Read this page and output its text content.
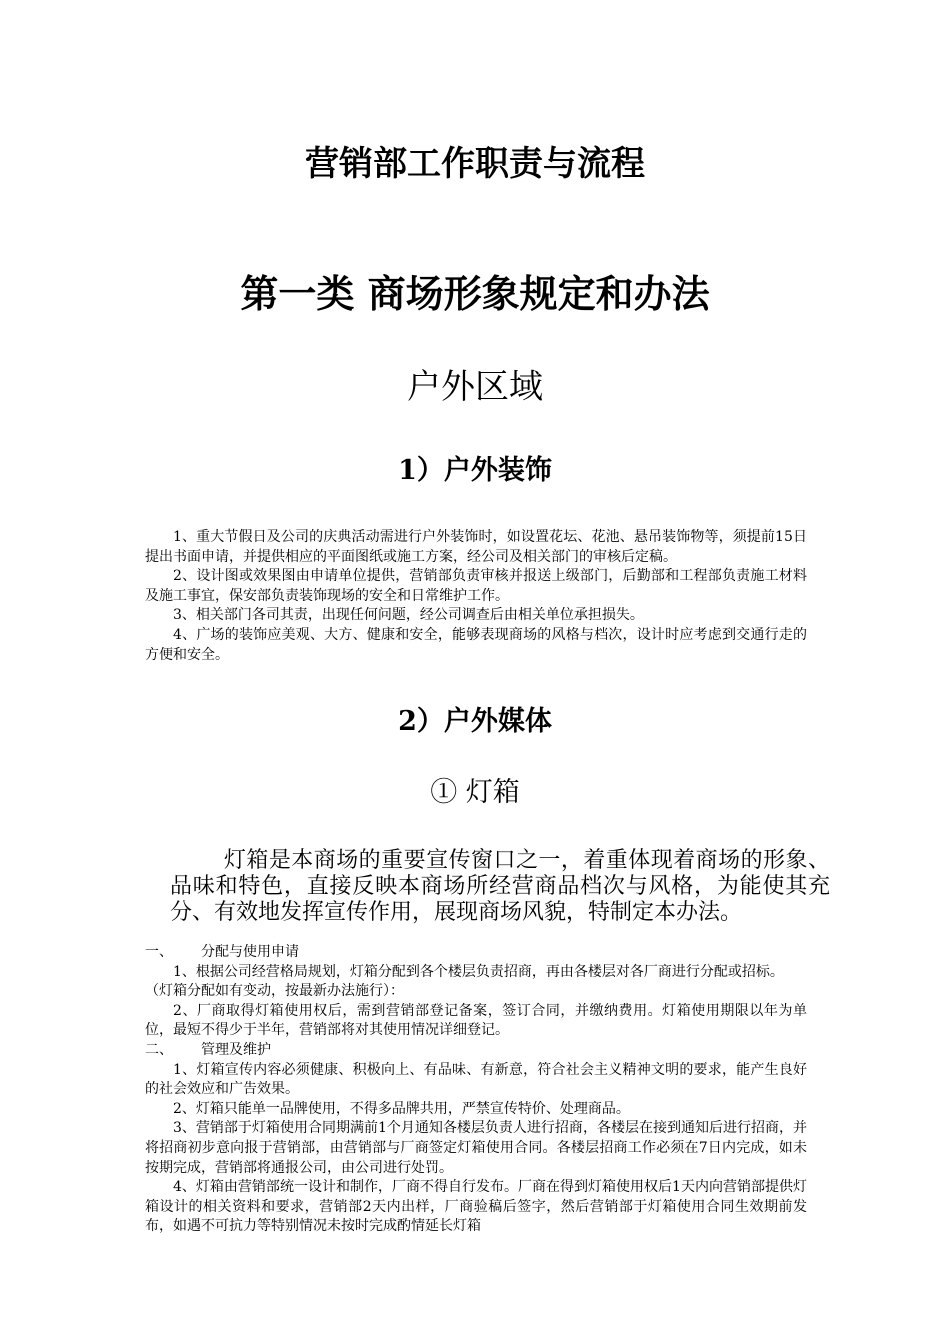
营销部工作职责与流程
第一类 商场形象规定和办法
户外区域
1）户外装饰

1、重大节假日及公司的庆典活动需进行户外装饰时，如设置花坛、花池、悬吊装饰物等，须提前15日提出书面申请，并提供相应的平面图纸或施工方案，经公司及相关部门的审核后定稿。

2、设计图或效果图由申请单位提供，营销部负责审核并报送上级部门，后勤部和工程部负责施工材料及施工事宜，保安部负责装饰现场的安全和日常维护工作。

3、相关部门各司其责，出现任何问题，经公司调查后由相关单位承担损失。

4、广场的装饰应美观、大方、健康和安全，能够表现商场的风格与档次，设计时应考虑到交通行走的方便和安全。

2）户外媒体
① 灯箱

灯箱是本商场的重要宣传窗口之一，着重体现着商场的形象、品味和特色，直接反映本商场所经营商品档次与风格，为能使其充分、有效地发挥宣传作用，展现商场风貌，特制定本办法。

一、	分配与使用申请

1、根据公司经营格局规划，灯箱分配到各个楼层负责招商，再由各楼层对各厂商进行分配或招标。

（灯箱分配如有变动，按最新办法施行）：

2、厂商取得灯箱使用权后，需到营销部登记备案，签订合同，并缴纳费用。灯箱使用期限以年为单位，最短不得少于半年，营销部将对其使用情况详细登记。

二、	管理及维护

1、灯箱宣传内容必须健康、积极向上、有品味、有新意，符合社会主义精神文明的要求，能产生良好的社会效应和广告效果。

2、灯箱只能单一品牌使用，不得多品牌共用，严禁宣传特价、处理商品。

3、营销部于灯箱使用合同期满前1个月通知各楼层负责人进行招商，各楼层在接到通知后进行招商，并将招商初步意向报于营销部，由营销部与厂商签定灯箱使用合同。各楼层招商工作必须在7日内完成，如未按期完成，营销部将通报公司，由公司进行处罚。

4、灯箱由营销部统一设计和制作，厂商不得自行发布。厂商在得到灯箱使用权后1天内向营销部提供灯箱设计的相关资料和要求，营销部2天内出样，厂商验稿后签字，然后营销部于灯箱使用合同生效期前发布，如遇不可抗力等特别情况未按时完成酌情延长灯箱
